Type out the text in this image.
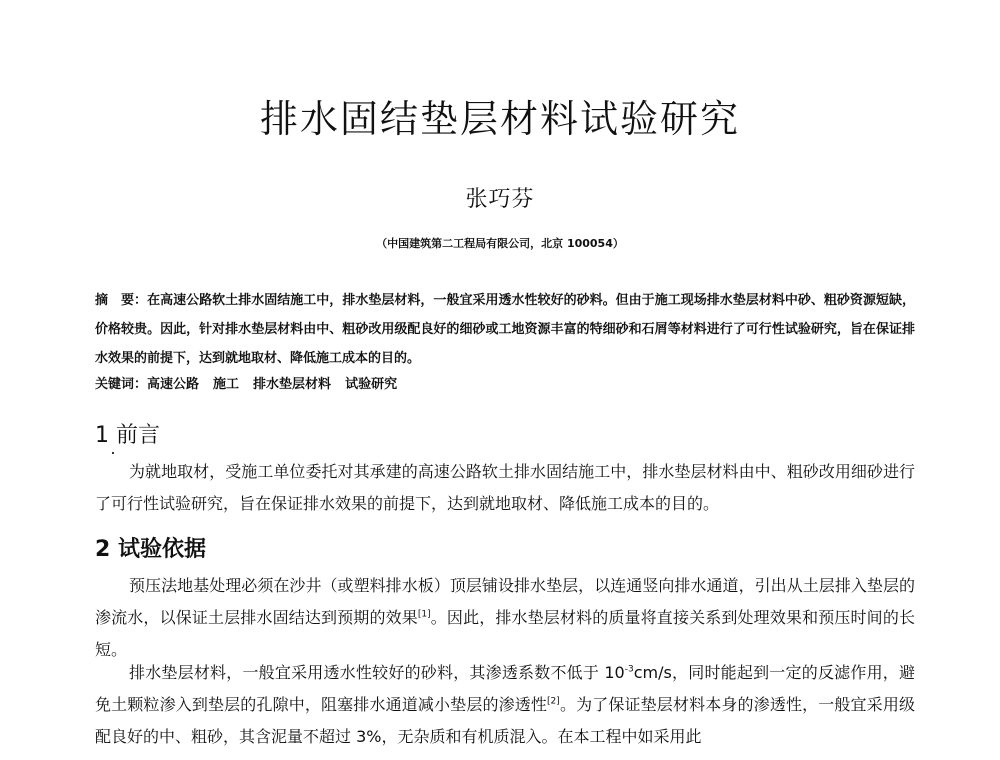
排水固结垫层材料试验研究
张巧芬
（中国建筑第二工程局有限公司，北京 100054）
摘　要：在高速公路软土排水固结施工中，排水垫层材料，一般宜采用透水性较好的砂料。但由于施工现场排水垫层材料中砂、粗砂资源短缺，价格较贵。因此，针对排水垫层材料由中、粗砂改用级配良好的细砂或工地资源丰富的特细砂和石屑等材料进行了可行性试验研究，旨在保证排水效果的前提下，达到就地取材、降低施工成本的目的。
关键词：高速公路 施工 排水垫层材料 试验研究
1 前言
为就地取材，受施工单位委托对其承建的高速公路软土排水固结施工中，排水垫层材料由中、粗砂改用细砂进行了可行性试验研究，旨在保证排水效果的前提下，达到就地取材、降低施工成本的目的。
2 试验依据
预压法地基处理必须在沙井（或塑料排水板）顶层铺设排水垫层，以连通竖向排水通道，引出从土层排入垫层的渗流水，以保证土层排水固结达到预期的效果[1]。因此，排水垫层材料的质量将直接关系到处理效果和预压时间的长短。
排水垫层材料，一般宜采用透水性较好的砂料，其渗透系数不低于 $10^{-3}cm/s$，同时能起到一定的反滤作用，避免土颗粒渗入到垫层的孔隙中，阻塞排水通道减小垫层的渗透性[2]。为了保证垫层材料本身的渗透性，一般宜采用级配良好的中、粗砂，其含泥量不超过 3%，无杂质和有机质混入。在本工程中如采用此
